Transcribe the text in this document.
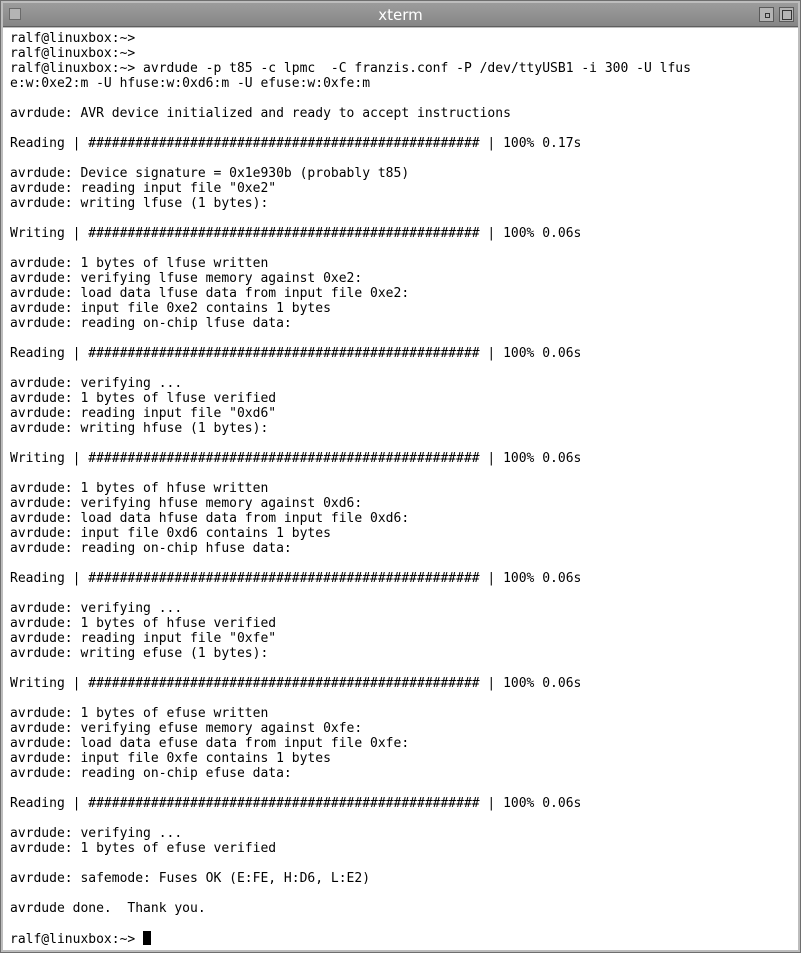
xterm
ralf@linuxbox:~>
ralf@linuxbox:~>
ralf@linuxbox:~> avrdude -p t85 -c lpmc  -C franzis.conf -P /dev/ttyUSB1 -i 300 -U lfus
e:w:0xe2:m -U hfuse:w:0xd6:m -U efuse:w:0xfe:m
avrdude: AVR device initialized and ready to accept instructions
Reading | ################################################## | 100% 0.17s
avrdude: Device signature = 0x1e930b (probably t85)
avrdude: reading input file "0xe2"
avrdude: writing lfuse (1 bytes):
Writing | ################################################## | 100% 0.06s
avrdude: 1 bytes of lfuse written
avrdude: verifying lfuse memory against 0xe2:
avrdude: load data lfuse data from input file 0xe2:
avrdude: input file 0xe2 contains 1 bytes
avrdude: reading on-chip lfuse data:
Reading | ################################################## | 100% 0.06s
avrdude: verifying ...
avrdude: 1 bytes of lfuse verified
avrdude: reading input file "0xd6"
avrdude: writing hfuse (1 bytes):
Writing | ################################################## | 100% 0.06s
avrdude: 1 bytes of hfuse written
avrdude: verifying hfuse memory against 0xd6:
avrdude: load data hfuse data from input file 0xd6:
avrdude: input file 0xd6 contains 1 bytes
avrdude: reading on-chip hfuse data:
Reading | ################################################## | 100% 0.06s
avrdude: verifying ...
avrdude: 1 bytes of hfuse verified
avrdude: reading input file "0xfe"
avrdude: writing efuse (1 bytes):
Writing | ################################################## | 100% 0.06s
avrdude: 1 bytes of efuse written
avrdude: verifying efuse memory against 0xfe:
avrdude: load data efuse data from input file 0xfe:
avrdude: input file 0xfe contains 1 bytes
avrdude: reading on-chip efuse data:
Reading | ################################################## | 100% 0.06s
avrdude: verifying ...
avrdude: 1 bytes of efuse verified
avrdude: safemode: Fuses OK (E:FE, H:D6, L:E2)
avrdude done.  Thank you.
ralf@linuxbox:~>
